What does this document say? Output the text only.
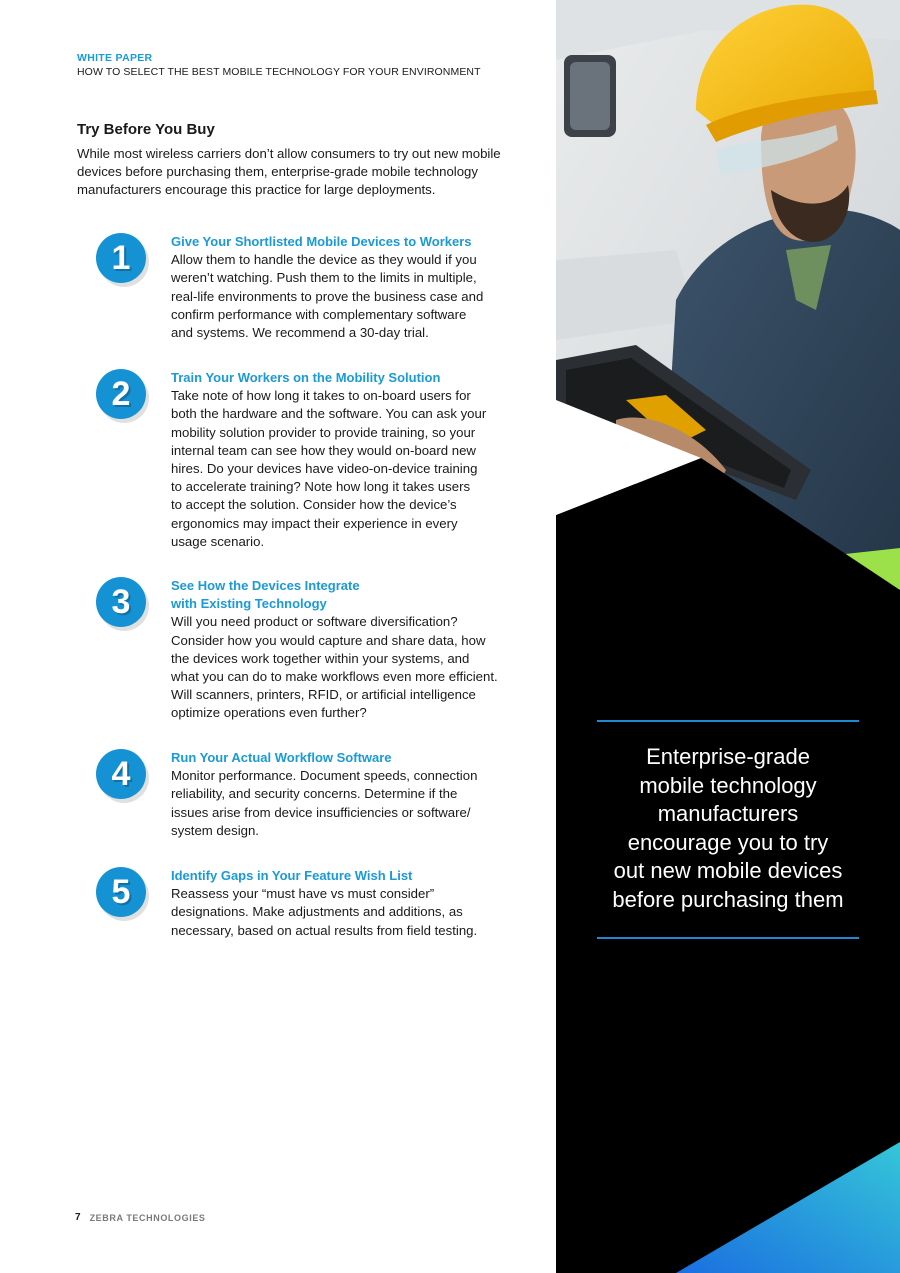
WHITE PAPER
HOW TO SELECT THE BEST MOBILE TECHNOLOGY FOR YOUR ENVIRONMENT
Try Before You Buy
While most wireless carriers don’t allow consumers to try out new mobile
devices before purchasing them, enterprise-grade mobile technology
manufacturers encourage this practice for large deployments.
1	Give Your Shortlisted Mobile Devices to Workers
Allow them to handle the device as they would if you
weren’t watching. Push them to the limits in multiple,
real-life environments to prove the business case and
confirm performance with complementary software
and systems. We recommend a 30-day trial.
2	Train Your Workers on the Mobility Solution
Take note of how long it takes to on-board users for
both the hardware and the software. You can ask your
mobility solution provider to provide training, so your
internal team can see how they would on-board new
hires. Do your devices have video-on-device training
to accelerate training? Note how long it takes users
to accept the solution. Consider how the device’s
ergonomics may impact their experience in every
usage scenario.
3	See How the Devices Integrate
with Existing Technology
Will you need product or software diversification?
Consider how you would capture and share data, how
the devices work together within your systems, and
what you can do to make workflows even more efficient.
Will scanners, printers, RFID, or artificial intelligence
optimize operations even further?
4	Run Your Actual Workflow Software
Monitor performance. Document speeds, connection
reliability, and security concerns. Determine if the
issues arise from device insufficiencies or software/
system design.
5	Identify Gaps in Your Feature Wish List
Reassess your “must have vs must consider”
designations. Make adjustments and additions, as
necessary, based on actual results from field testing.
7 ZEBRA TECHNOLOGIES
Enterprise-grade
mobile technology
manufacturers
encourage you to try
out new mobile devices
before purchasing them
